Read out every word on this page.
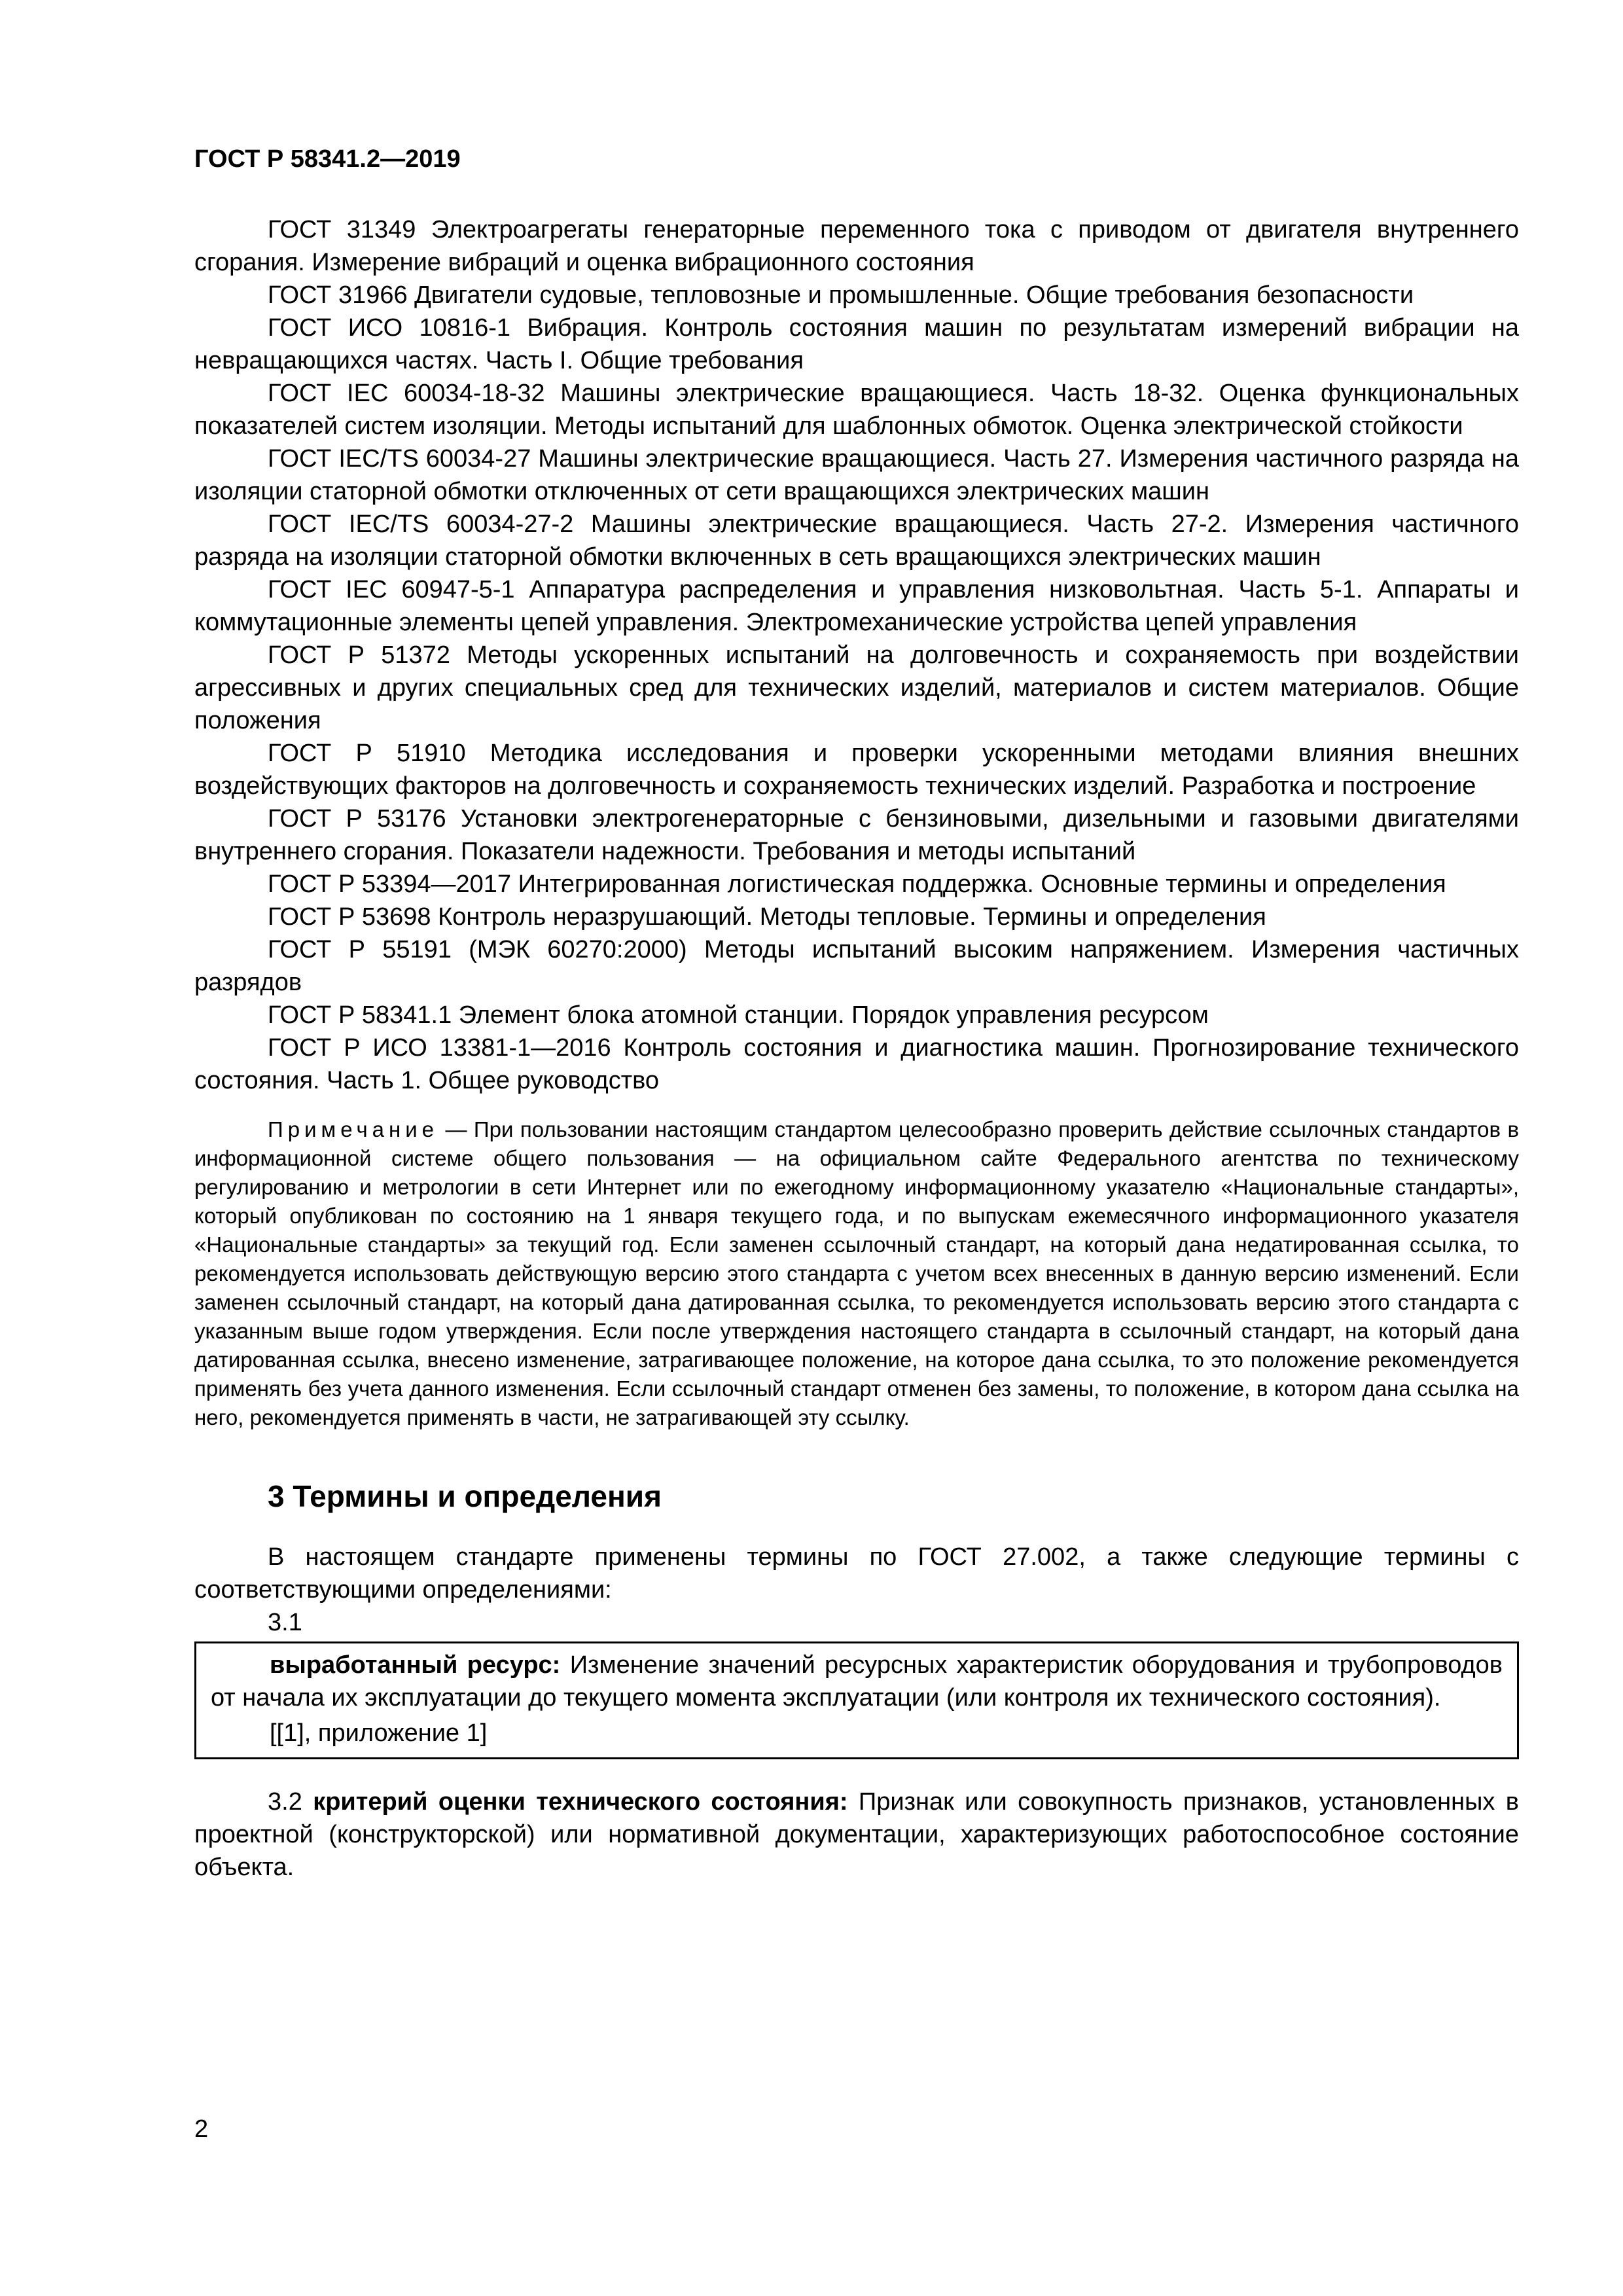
ГОСТ Р 58341.2—2019

ГОСТ 31349 Электроагрегаты генераторные переменного тока с приводом от двигателя внутреннего сгорания. Измерение вибраций и оценка вибрационного состояния

ГОСТ 31966 Двигатели судовые, тепловозные и промышленные. Общие требования безопасности

ГОСТ ИСО 10816-1 Вибрация. Контроль состояния машин по результатам измерений вибрации на невращающихся частях. Часть I. Общие требования

ГОСТ IEC 60034-18-32 Машины электрические вращающиеся. Часть 18-32. Оценка функциональных показателей систем изоляции. Методы испытаний для шаблонных обмоток. Оценка электрической стойкости

ГОСТ IEC/TS 60034-27 Машины электрические вращающиеся. Часть 27. Измерения частичного разряда на изоляции статорной обмотки отключенных от сети вращающихся электрических машин

ГОСТ IEC/TS 60034-27-2 Машины электрические вращающиеся. Часть 27-2. Измерения частичного разряда на изоляции статорной обмотки включенных в сеть вращающихся электрических машин

ГОСТ IEC 60947-5-1 Аппаратура распределения и управления низковольтная. Часть 5-1. Аппараты и коммутационные элементы цепей управления. Электромеханические устройства цепей управления

ГОСТ Р 51372 Методы ускоренных испытаний на долговечность и сохраняемость при воздействии агрессивных и других специальных сред для технических изделий, материалов и систем материалов. Общие положения

ГОСТ Р 51910 Методика исследования и проверки ускоренными методами влияния внешних воздействующих факторов на долговечность и сохраняемость технических изделий. Разработка и построение

ГОСТ Р 53176 Установки электрогенераторные с бензиновыми, дизельными и газовыми двигателями внутреннего сгорания. Показатели надежности. Требования и методы испытаний

ГОСТ Р 53394—2017 Интегрированная логистическая поддержка. Основные термины и определения

ГОСТ Р 53698 Контроль неразрушающий. Методы тепловые. Термины и определения

ГОСТ Р 55191 (МЭК 60270:2000) Методы испытаний высоким напряжением. Измерения частичных разрядов

ГОСТ Р 58341.1 Элемент блока атомной станции. Порядок управления ресурсом

ГОСТ Р ИСО 13381-1—2016 Контроль состояния и диагностика машин. Прогнозирование технического состояния. Часть 1. Общее руководство

Примечание — При пользовании настоящим стандартом целесообразно проверить действие ссылочных стандартов в информационной системе общего пользования — на официальном сайте Федерального агентства по техническому регулированию и метрологии в сети Интернет или по ежегодному информационному указателю «Национальные стандарты», который опубликован по состоянию на 1 января текущего года, и по выпускам ежемесячного информационного указателя «Национальные стандарты» за текущий год. Если заменен ссылочный стандарт, на который дана недатированная ссылка, то рекомендуется использовать действующую версию этого стандарта с учетом всех внесенных в данную версию изменений. Если заменен ссылочный стандарт, на который дана датированная ссылка, то рекомендуется использовать версию этого стандарта с указанным выше годом утверждения. Если после утверждения настоящего стандарта в ссылочный стандарт, на который дана датированная ссылка, внесено изменение, затрагивающее положение, на которое дана ссылка, то это положение рекомендуется применять без учета данного изменения. Если ссылочный стандарт отменен без замены, то положение, в котором дана ссылка на него, рекомендуется применять в части, не затрагивающей эту ссылку.

3 Термины и определения

В настоящем стандарте применены термины по ГОСТ 27.002, а также следующие термины с соответствующими определениями:

3.1

выработанный ресурс: Изменение значений ресурсных характеристик оборудования и трубопроводов от начала их эксплуатации до текущего момента эксплуатации (или контроля их технического состояния).

[[1], приложение 1]

3.2 критерий оценки технического состояния: Признак или совокупность признаков, установленных в проектной (конструкторской) или нормативной документации, характеризующих работоспособное состояние объекта.

2
